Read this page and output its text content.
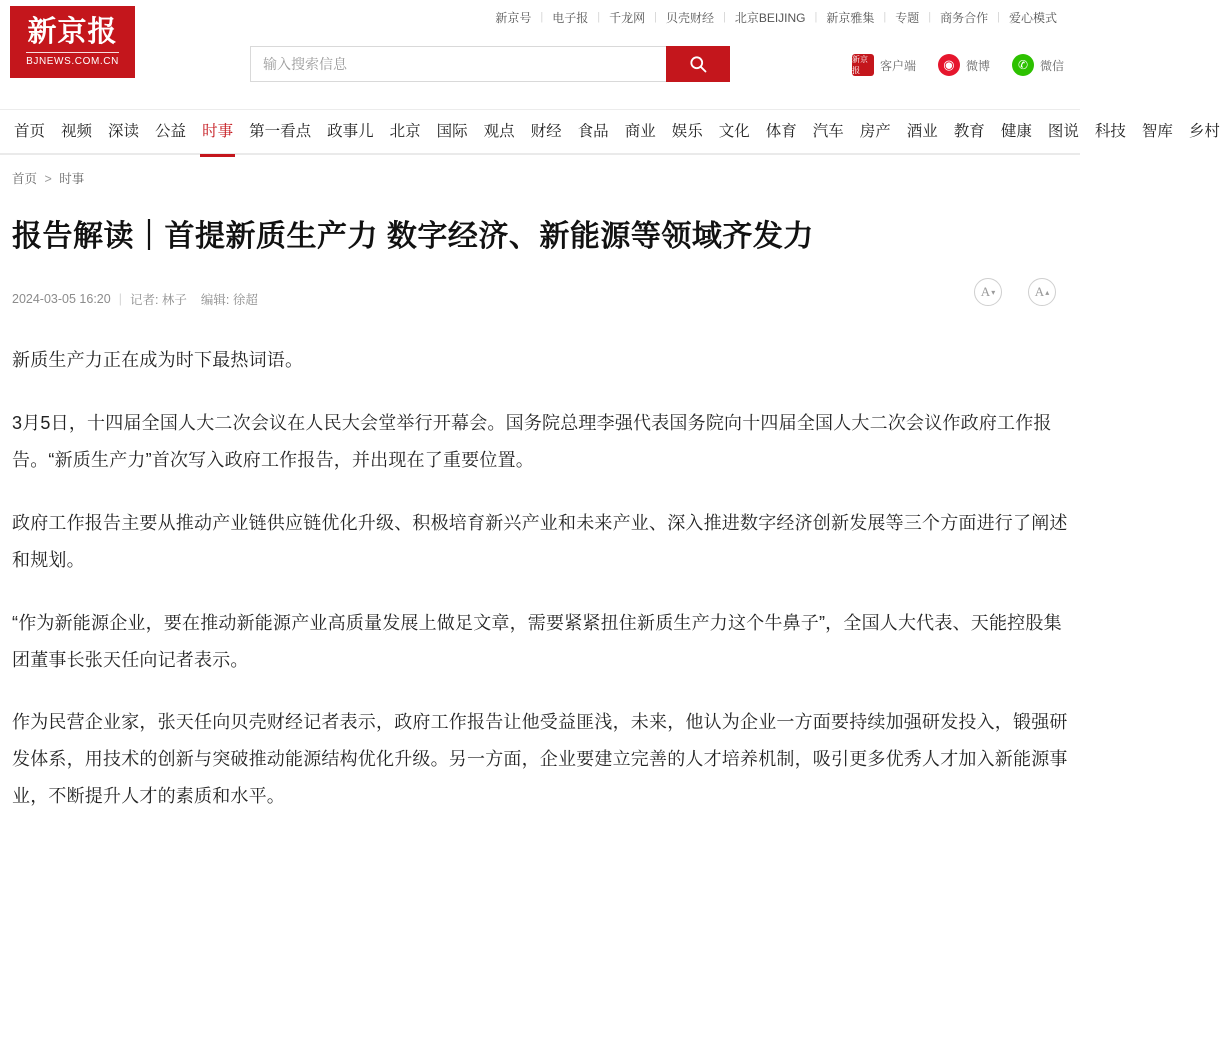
新京号 | 电子报 | 千龙网 | 贝壳财经 | 北京BEIJING | 新京雅集 | 专题 | 商务合作 | 爱心模式
新京报
BJNEWS.COM.CN
输入搜索信息	新京报	客户端	◉ 微博	✆ 微信
首页	视频	深读	公益	时事	第一看点	政事儿	北京	国际	观点	财经	食品	商业	娱乐	文化	体育	汽车	房产	酒业	教育	健康	图说	科技	智库	乡村
首页 > 时事
报告解读｜首提新质生产力 数字经济、新能源等领域齐发力
2024-03-05 16:20 | 记者: 林子 编辑: 徐超
A ▾	A ▴

新质生产力正在成为时下最热词语。

3月5日，十四届全国人大二次会议在人民大会堂举行开幕会。国务院总理李强代表国务院向十四届全国人大二次会议作政府工作报告。“新质生产力”首次写入政府工作报告，并出现在了重要位置。

政府工作报告主要从推动产业链供应链优化升级、积极培育新兴产业和未来产业、深入推进数字经济创新发展等三个方面进行了阐述和规划。

“作为新能源企业，要在推动新能源产业高质量发展上做足文章，需要紧紧扭住新质生产力这个牛鼻子”，全国人大代表、天能控股集团董事长张天任向记者表示。

作为民营企业家，张天任向贝壳财经记者表示，政府工作报告让他受益匪浅，未来，他认为企业一方面要持续加强研发投入，锻强研发体系，用技术的创新与突破推动能源结构优化升级。另一方面，企业要建立完善的人才培养机制，吸引更多优秀人才加入新能源事业，不断提升人才的素质和水平。
